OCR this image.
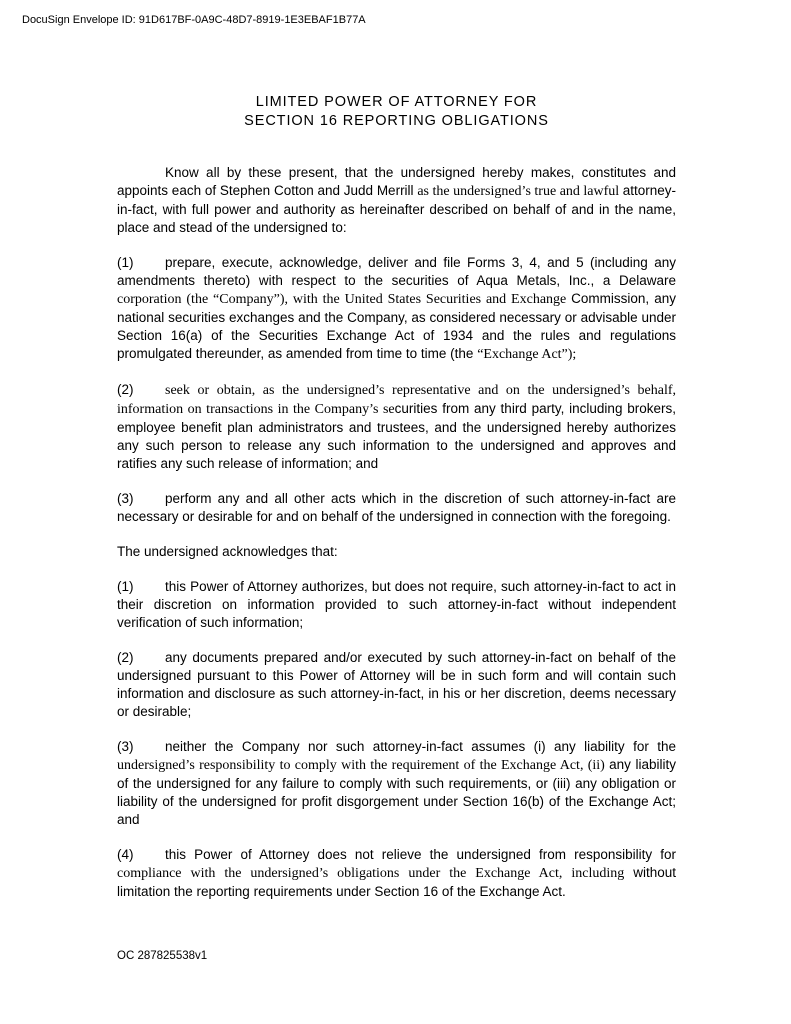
DocuSign Envelope ID: 91D617BF-0A9C-48D7-8919-1E3EBAF1B77A
LIMITED POWER OF ATTORNEY FOR
SECTION 16 REPORTING OBLIGATIONS

Know all by these present, that the undersigned hereby makes, constitutes and appoints each of Stephen Cotton and Judd Merrill as the undersigned’s true and lawful attorney-in-fact, with full power and authority as hereinafter described on behalf of and in the name, place and stead of the undersigned to:

(1) prepare, execute, acknowledge, deliver and file Forms 3, 4, and 5 (including any amendments thereto) with respect to the securities of Aqua Metals, Inc., a Delaware corporation (the “Company”), with the United States Securities and Exchange Commission, any national securities exchanges and the Company, as considered necessary or advisable under Section 16(a) of the Securities Exchange Act of 1934 and the rules and regulations promulgated thereunder, as amended from time to time (the “Exchange Act”);

(2) seek or obtain, as the undersigned’s representative and on the undersigned’s behalf, information on transactions in the Company’s securities from any third party, including brokers, employee benefit plan administrators and trustees, and the undersigned hereby authorizes any such person to release any such information to the undersigned and approves and ratifies any such release of information; and

(3) perform any and all other acts which in the discretion of such attorney-in-fact are necessary or desirable for and on behalf of the undersigned in connection with the foregoing.

The undersigned acknowledges that:

(1) this Power of Attorney authorizes, but does not require, such attorney-in-fact to act in their discretion on information provided to such attorney-in-fact without independent verification of such information;

(2) any documents prepared and/or executed by such attorney-in-fact on behalf of the undersigned pursuant to this Power of Attorney will be in such form and will contain such information and disclosure as such attorney-in-fact, in his or her discretion, deems necessary or desirable;

(3) neither the Company nor such attorney-in-fact assumes (i) any liability for the undersigned’s responsibility to comply with the requirement of the Exchange Act, (ii) any liability of the undersigned for any failure to comply with such requirements, or (iii) any obligation or liability of the undersigned for profit disgorgement under Section 16(b) of the Exchange Act; and

(4) this Power of Attorney does not relieve the undersigned from responsibility for compliance with the undersigned’s obligations under the Exchange Act, including without limitation the reporting requirements under Section 16 of the Exchange Act.

OC 287825538v1
